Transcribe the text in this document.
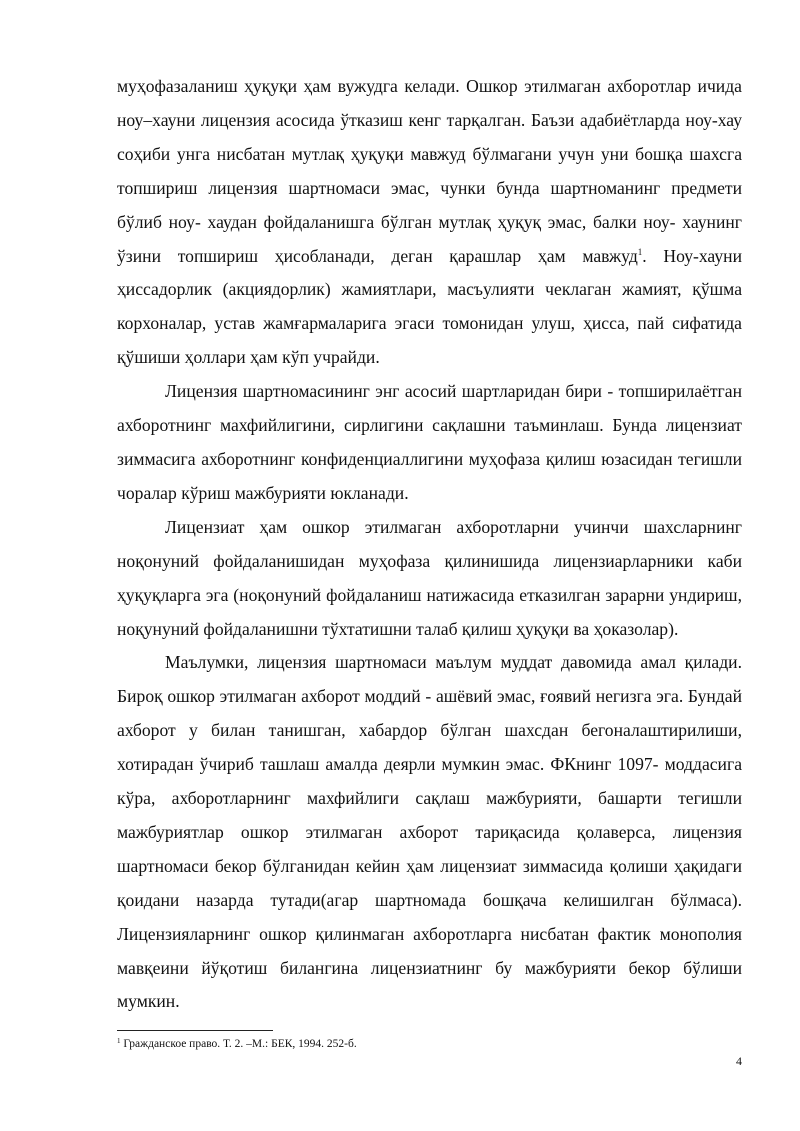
муҳофазаланиш ҳуқуқи ҳам вужудга келади. Ошкор этилмаган ахборотлар ичида ноу–хауни лицензия асосида ўтказиш кенг тарқалган. Баъзи адабиётларда ноу-хау соҳиби унга нисбатан мутлақ ҳуқуқи мавжуд бўлмагани учун уни бошқа шахсга топшириш лицензия шартномаси эмас, чунки бунда шартноманинг предмети бўлиб ноу- хаудан фойдаланишга бўлган мутлақ ҳуқуқ эмас, балки ноу- хаунинг ўзини топшириш ҳисобланади, деган қарашлар ҳам мавжуд$^1$. Ноу-хауни ҳиссадорлик (акциядорлик) жамиятлари, масъулияти чеклаган жамият, қўшма корхоналар, устав жамғармаларига эгаси томонидан улуш, ҳисса, пай сифатида қўшиши ҳоллари ҳам кўп учрайди.

Лицензия шартномасининг энг асосий шартларидан бири - топширилаётган ахборотнинг махфийлигини, сирлигини сақлашни таъминлаш. Бунда лицензиат зиммасига ахборотнинг конфиденциаллигини муҳофаза қилиш юзасидан тегишли чоралар кўриш мажбурияти юкланади.

Лицензиат ҳам ошкор этилмаган ахборотларни учинчи шахсларнинг ноқонуний фойдаланишидан муҳофаза қилинишида лицензиарларники каби ҳуқуқларга эга (ноқонуний фойдаланиш натижасида етказилган зарарни ундириш, ноқунуний фойдаланишни тўхтатишни талаб қилиш ҳуқуқи ва ҳоказолар).

Маълумки, лицензия шартномаси маълум муддат давомида амал қилади. Бироқ ошкор этилмаган ахборот моддий - ашёвий эмас, ғоявий негизга эга. Бундай ахборот у билан танишган, хабардор бўлган шахсдан бегоналаштирилиши, хотирадан ўчириб ташлаш амалда деярли мумкин эмас. ФКнинг 1097- моддасига кўра, ахборотларнинг махфийлиги сақлаш мажбурияти, башарти тегишли мажбуриятлар ошкор этилмаган ахборот тариқасида қолаверса, лицензия шартномаси бекор бўлганидан кейин ҳам лицензиат зиммасида қолиши ҳақидаги қоидани назарда тутади(агар шартномада бошқача келишилган бўлмаса). Лицензияларнинг ошкор қилинмаган ахборотларга нисбатан фактик монополия мавқеини йўқотиш билангина лицензиатнинг бу мажбурияти бекор бўлиши мумкин.

$^1$ Гражданское право. Т. 2. –М.: БЕК, 1994. 252-б.
4
